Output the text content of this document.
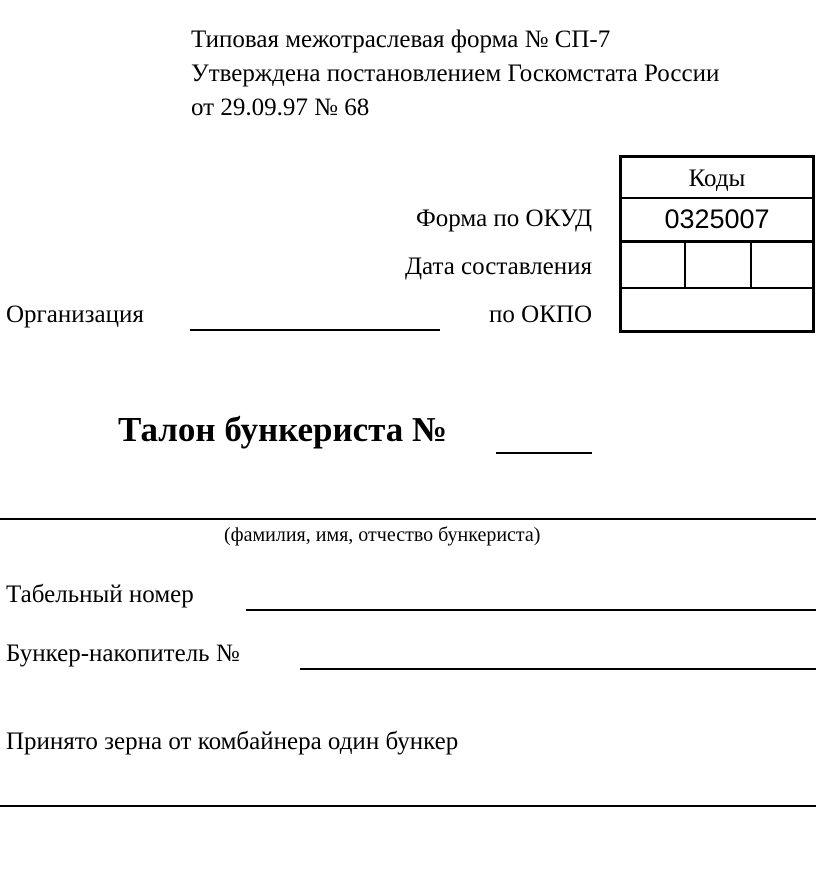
Типовая межотраслевая форма № СП-7
Утверждена постановлением Госкомстата России
от 29.09.97 № 68
Коды
0325007
Форма по ОКУД
Дата составления
Организация	по ОКПО
Талон бункериста №
(фамилия, имя, отчество бункериста)
Табельный номер
Бункер-накопитель №
Принято зерна от комбайнера один бункер
